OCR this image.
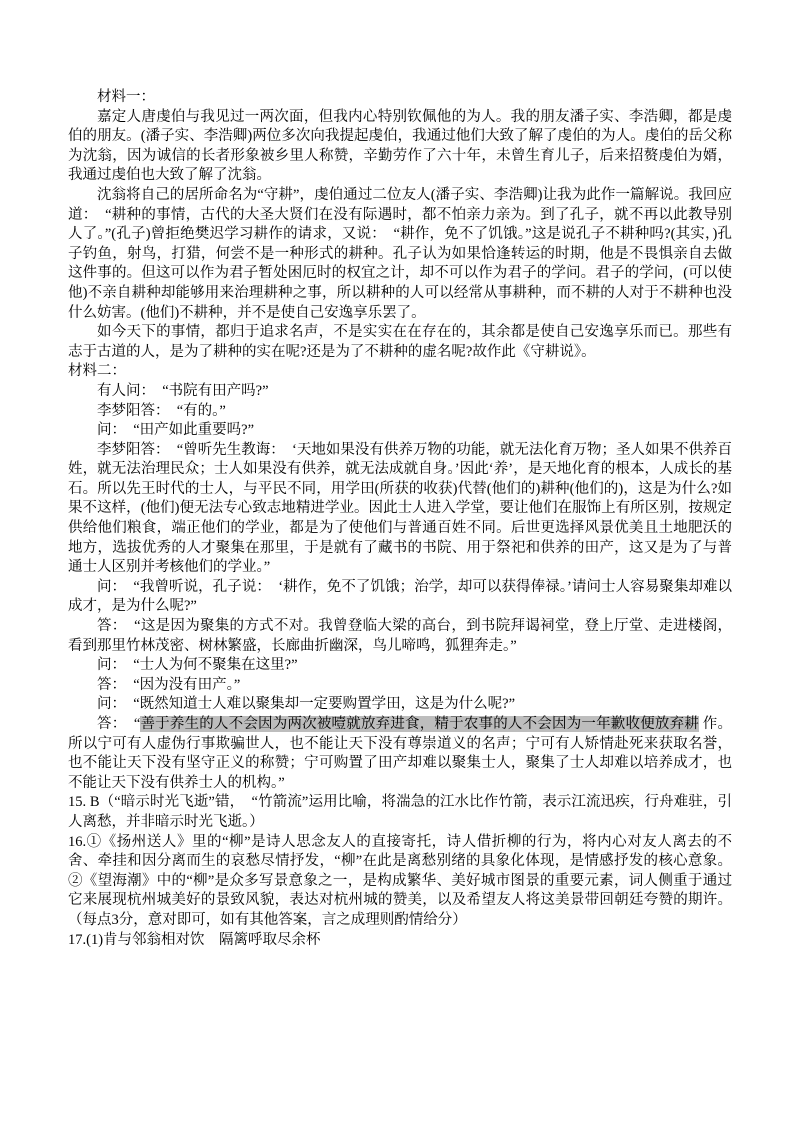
材料一：

嘉定人唐虔伯与我见过一两次面，但我内心特别钦佩他的为人。我的朋友潘子实、李浩卿，都是虔伯的朋友。(潘子实、李浩卿)两位多次向我提起虔伯，我通过他们大致了解了虔伯的为人。虔伯的岳父称为沈翁，因为诚信的长者形象被乡里人称赞，辛勤劳作了六十年，未曾生育儿子，后来招赘虔伯为婿，我通过虔伯也大致了解了沈翁。

沈翁将自己的居所命名为“守耕”，虔伯通过二位友人(潘子实、李浩卿)让我为此作一篇解说。我回应道：　“耕种的事情，古代的大圣大贤们在没有际遇时，都不怕亲力亲为。到了孔子，就不再以此教导别人了。”(孔子)曾拒绝樊迟学习耕作的请求，又说：　“耕作，免不了饥饿。”这是说孔子不耕种吗?(其实，)孔子钓鱼，射鸟，打猎，何尝不是一种形式的耕种。孔子认为如果恰逢转运的时期，他是不畏惧亲自去做这件事的。但这可以作为君子暂处困厄时的权宜之计，却不可以作为君子的学问。君子的学问，(可以使他)不亲自耕种却能够用来治理耕种之事，所以耕种的人可以经常从事耕种，而不耕的人对于不耕种也没什么妨害。(他们)不耕种，并不是使自己安逸享乐罢了。

如今天下的事情，都归于追求名声，不是实实在在存在的，其余都是使自己安逸享乐而已。那些有志于古道的人，是为了耕种的实在呢?还是为了不耕种的虚名呢?故作此《守耕说》。

材料二：

有人问：　“书院有田产吗?”

李梦阳答：　“有的。”

问：　“田产如此重要吗?”

李梦阳答：　“曾听先生教诲：　‘天地如果没有供养万物的功能，就无法化育万物；圣人如果不供养百姓，就无法治理民众；士人如果没有供养，就无法成就自身。’因此‘养’，是天地化育的根本，人成长的基石。所以先王时代的士人，与平民不同，用学田(所获的收获)代替(他们的)耕种(他们的)，这是为什么?如果不这样，(他们)便无法专心致志地精进学业。因此士人进入学堂，要让他们在服饰上有所区别，按规定供给他们粮食，端正他们的学业，都是为了使他们与普通百姓不同。后世更选择风景优美且土地肥沃的地方，选拔优秀的人才聚集在那里，于是就有了藏书的书院、用于祭祀和供养的田产，这又是为了与普通士人区别并考核他们的学业。”

问：　“我曾听说，孔子说：　‘耕作，免不了饥饿；治学，却可以获得俸禄。’请问士人容易聚集却难以成才，是为什么呢?”

答：　“这是因为聚集的方式不对。我曾登临大梁的高台，到书院拜谒祠堂，登上厅堂、走进楼阁，看到那里竹林茂密、树林繁盛，长廊曲折幽深，鸟儿啼鸣，狐狸奔走。”

问：　“士人为何不聚集在这里?”

答：　“因为没有田产。”

问：　“既然知道士人难以聚集却一定要购置学田，这是为什么呢?”

答：　“善于养生的人不会因为两次被噎就放弃进食，精于农事的人不会因为一年歉收便放弃耕 作。所以宁可有人虚伪行事欺骗世人，也不能让天下没有尊崇道义的名声；宁可有人矫情赴死来获取名誉，也不能让天下没有坚守正义的称赞；宁可购置了田产却难以聚集士人，聚集了士人却难以培养成才，也不能让天下没有供养士人的机构。”

15. B（“暗示时光飞逝”错，　“竹箭流”运用比喻，将湍急的江水比作竹箭，表示江流迅疾，行舟难驻，引人离愁，并非暗示时光飞逝。）

16.①《扬州送人》里的“柳”是诗人思念友人的直接寄托，诗人借折柳的行为，将内心对友人离去的不舍、牵挂和因分离而生的哀愁尽情抒发，“柳”在此是离愁别绪的具象化体现，是情感抒发的核心意象。②《望海潮》中的“柳”是众多写景意象之一，是构成繁华、美好城市图景的重要元素，词人侧重于通过它来展现杭州城美好的景致风貌，表达对杭州城的赞美，以及希望友人将这美景带回朝廷夸赞的期许。（每点3分，意对即可，如有其他答案，言之成理则酌情给分）

17.(1)肯与邻翁相对饮　隔篱呼取尽余杯
